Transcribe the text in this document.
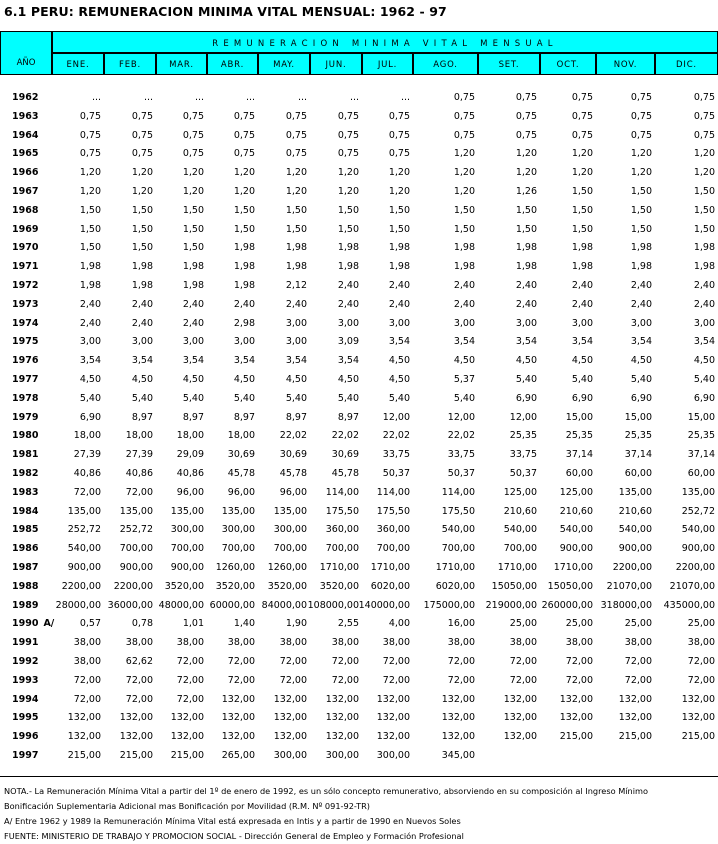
6.1 PERU: REMUNERACION MINIMA VITAL MENSUAL: 1962 - 97
AÑO
REMUNERACION MINIMA VITAL MENSUAL
ENE.	FEB.	MAR.	ABR.	MAY.	JUN.	JUL.	AGO.	SET.	OCT.	NOV.	DIC.
1962	...	...	...	...	...	...	...	0,75	0,75	0,75	0,75	0,75
1963	0,75	0,75	0,75	0,75	0,75	0,75	0,75	0,75	0,75	0,75	0,75	0,75
1964	0,75	0,75	0,75	0,75	0,75	0,75	0,75	0,75	0,75	0,75	0,75	0,75
1965	0,75	0,75	0,75	0,75	0,75	0,75	0,75	1,20	1,20	1,20	1,20	1,20
1966	1,20	1,20	1,20	1,20	1,20	1,20	1,20	1,20	1,20	1,20	1,20	1,20
1967	1,20	1,20	1,20	1,20	1,20	1,20	1,20	1,20	1,26	1,50	1,50	1,50
1968	1,50	1,50	1,50	1,50	1,50	1,50	1,50	1,50	1,50	1,50	1,50	1,50
1969	1,50	1,50	1,50	1,50	1,50	1,50	1,50	1,50	1,50	1,50	1,50	1,50
1970	1,50	1,50	1,50	1,98	1,98	1,98	1,98	1,98	1,98	1,98	1,98	1,98
1971	1,98	1,98	1,98	1,98	1,98	1,98	1,98	1,98	1,98	1,98	1,98	1,98
1972	1,98	1,98	1,98	1,98	2,12	2,40	2,40	2,40	2,40	2,40	2,40	2,40
1973	2,40	2,40	2,40	2,40	2,40	2,40	2,40	2,40	2,40	2,40	2,40	2,40
1974	2,40	2,40	2,40	2,98	3,00	3,00	3,00	3,00	3,00	3,00	3,00	3,00
1975	3,00	3,00	3,00	3,00	3,00	3,09	3,54	3,54	3,54	3,54	3,54	3,54
1976	3,54	3,54	3,54	3,54	3,54	3,54	4,50	4,50	4,50	4,50	4,50	4,50
1977	4,50	4,50	4,50	4,50	4,50	4,50	4,50	5,37	5,40	5,40	5,40	5,40
1978	5,40	5,40	5,40	5,40	5,40	5,40	5,40	5,40	6,90	6,90	6,90	6,90
1979	6,90	8,97	8,97	8,97	8,97	8,97	12,00	12,00	12,00	15,00	15,00	15,00
1980	18,00	18,00	18,00	18,00	22,02	22,02	22,02	22,02	25,35	25,35	25,35	25,35
1981	27,39	27,39	29,09	30,69	30,69	30,69	33,75	33,75	33,75	37,14	37,14	37,14
1982	40,86	40,86	40,86	45,78	45,78	45,78	50,37	50,37	50,37	60,00	60,00	60,00
1983	72,00	72,00	96,00	96,00	96,00 114,00 114,00	114,00	125,00 125,00	135,00	135,00
1984	135,00 135,00 135,00 135,00 135,00 175,50 175,50	175,50	210,60 210,60	210,60	252,72
1985	252,72 252,72 300,00 300,00 300,00 360,00 360,00	540,00	540,00 540,00	540,00	540,00
1986	540,00 700,00 700,00 700,00 700,00 700,00 700,00	700,00	700,00 900,00	900,00	900,00
1987	900,00 900,00 900,00 1260,00 1260,00 1710,00 1710,00	1710,00 1710,00 1710,00 2200,00 2200,00
1988 2200,00 2200,00 3520,00 3520,00 3520,00 3520,00 6020,00	6020,00 15050,00 15050,00 21070,00 21070,00
1989 28000,00 36000,00 48000,00 60000,00 84000,00 108000,00 140000,00 175000,00 219000,00 260000,00 318000,00 435000,00
1990 A/	0,57	0,78	1,01	1,40	1,90	2,55	4,00	16,00	25,00	25,00	25,00	25,00
1991	38,00	38,00	38,00	38,00	38,00	38,00	38,00	38,00	38,00	38,00	38,00	38,00
1992	38,00	62,62	72,00	72,00	72,00	72,00	72,00	72,00	72,00	72,00	72,00	72,00
1993	72,00	72,00	72,00	72,00	72,00	72,00	72,00	72,00	72,00	72,00	72,00	72,00
1994	72,00	72,00	72,00 132,00 132,00 132,00 132,00	132,00	132,00 132,00	132,00	132,00
1995	132,00 132,00 132,00 132,00 132,00 132,00 132,00	132,00	132,00 132,00	132,00	132,00
1996	132,00 132,00 132,00 132,00 132,00 132,00 132,00	132,00	132,00 215,00	215,00	215,00
1997	215,00 215,00 215,00 265,00 300,00 300,00 300,00	345,00
NOTA.- La Remuneración Mínima Vital a partir del 1º de enero de 1992, es un sólo concepto remunerativo, absorviendo en su composición al Ingreso Mínimo
Bonificación Suplementaria Adicional mas Bonificación por Movilidad (R.M. Nº 091-92-TR)
A/ Entre 1962 y 1989 la Remuneración Mínima Vital está expresada en Intis y a partir de 1990 en Nuevos Soles
FUENTE: MINISTERIO DE TRABAJO Y PROMOCION SOCIAL - Dirección General de Empleo y Formación Profesional
